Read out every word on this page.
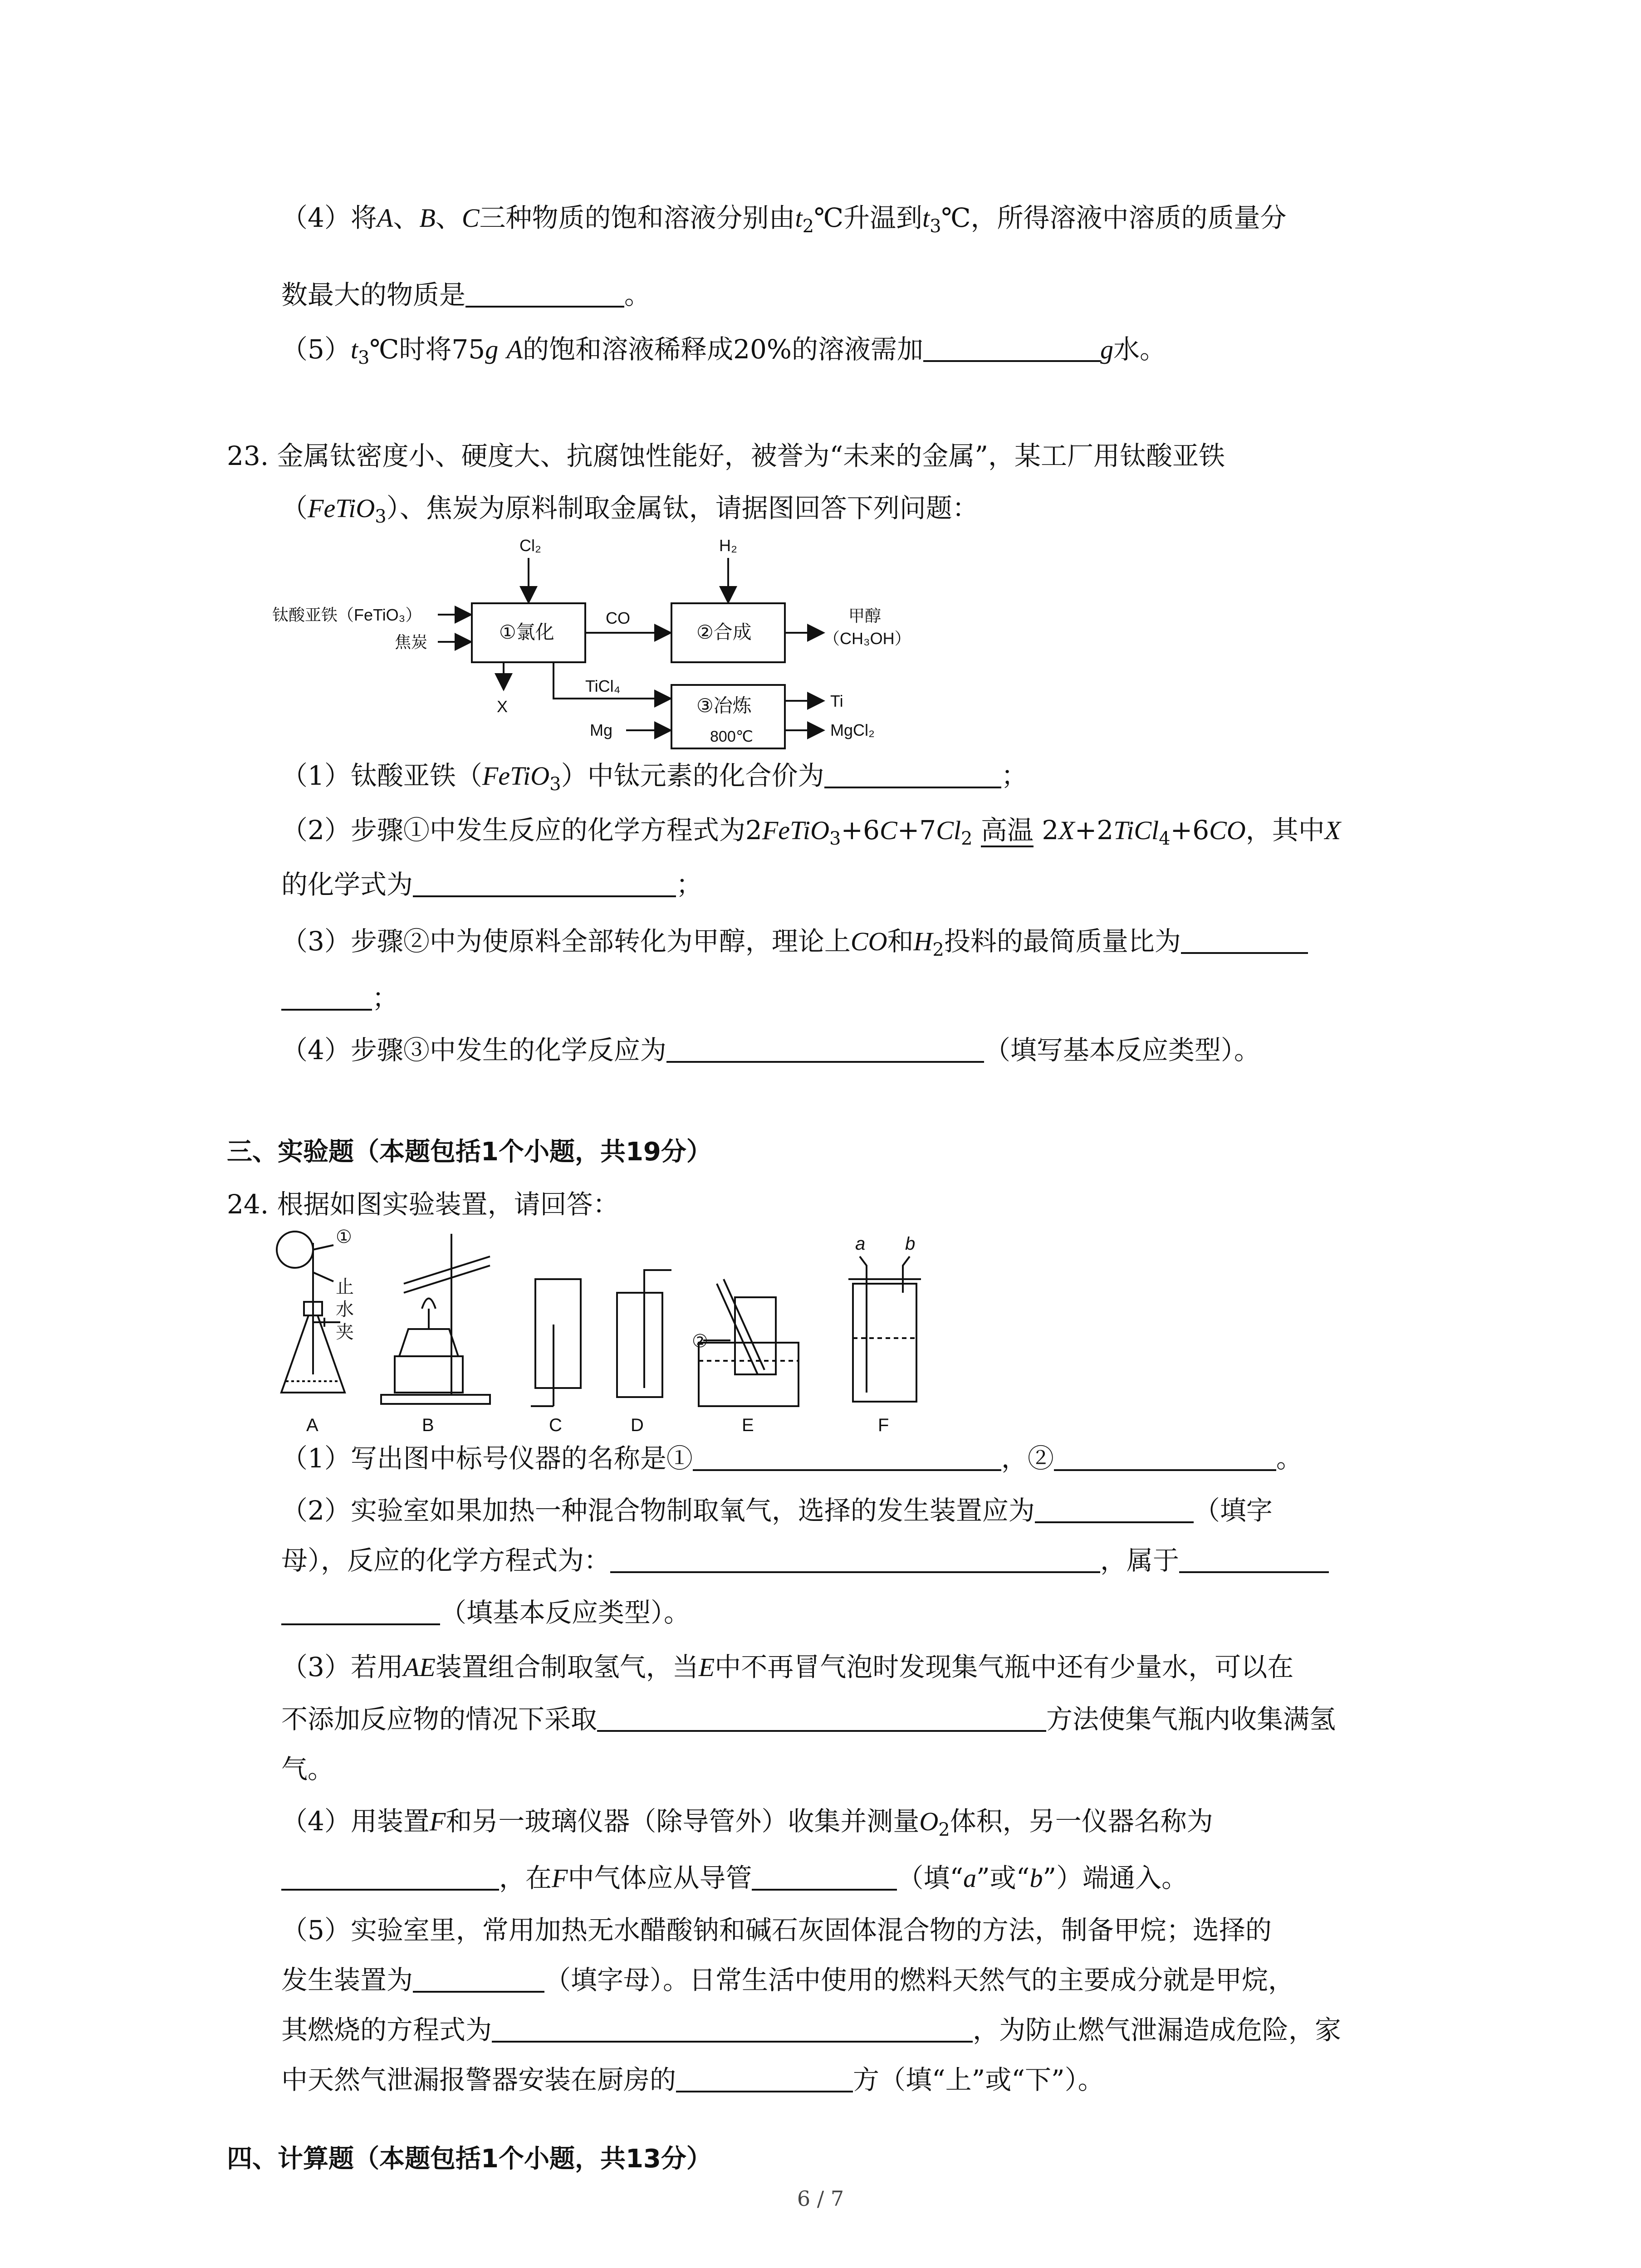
（4）将A、B、C三种物质的饱和溶液分别由$t_2℃$升温到$t_3℃$，所得溶液中溶质的质量分
数最大的物质是	。
$(5)t_3℃$时将75g A的饱和溶液稀释成20%的溶液需加	g水。
23. 金属钛密度小、硬度大、抗腐蚀性能好，被誉为“未来的金属”，某工厂用钛酸亚铁
（FeTiO$_3$）、焦炭为原料制取金属钛，请据图回答下列问题：
钛酸亚铁（FeTiO₃）
焦炭
Cl₂
①氯化
CO
②合成
H₂
甲醇
（CH₃OH）
X
TiCl₄
Mg
③冶炼
800℃
Ti
MgCl₂
（1）钛酸亚铁（FeTiO$_3$）中钛元素的化合价为	；
（2）步骤①中发生反应的化学方程式为$2FeTiO_3+6C+7Cl_2$ 高温 2X+2TiCl$_4$+6CO，其中X
的化学式为	；
（3）步骤②中为使原料全部转化为甲醇，理论上CO和$H_2$投料的最简质量比为
；
（4）步骤③中发生的化学反应为	（填写基本反应类型）。
三、实验题（本题包括1个小题，共19分）
24. 根据如图实验装置，请回答：
①
止
水
夹	②
a b
A	B	C	D	E	F
（1）写出图中标号仪器的名称是①	，②	。
（2）实验室如果加热一种混合物制取氧气，选择的发生装置应为	（填字
母），反应的化学方程式为：	，属于
（填基本反应类型）。
（3）若用AE装置组合制取氢气，当E中不再冒气泡时发现集气瓶中还有少量水，可以在
不添加反应物的情况下采取	方法使集气瓶内收集满氢
气。
（4）用装置F和另一玻璃仪器（除导管外）收集并测量$O_2$体积，另一仪器名称为
，在F中气体应从导管	（填“a”或“b”）端通入。
（5）实验室里，常用加热无水醋酸钠和碱石灰固体混合物的方法，制备甲烷；选择的
发生装置为	（填字母）。日常生活中使用的燃料天然气的主要成分就是甲烷，
其燃烧的方程式为	，为防止燃气泄漏造成危险，家
中天然气泄漏报警器安装在厨房的	方（填“上”或“下”）。
四、计算题（本题包括1个小题，共13分）
6 / 7
